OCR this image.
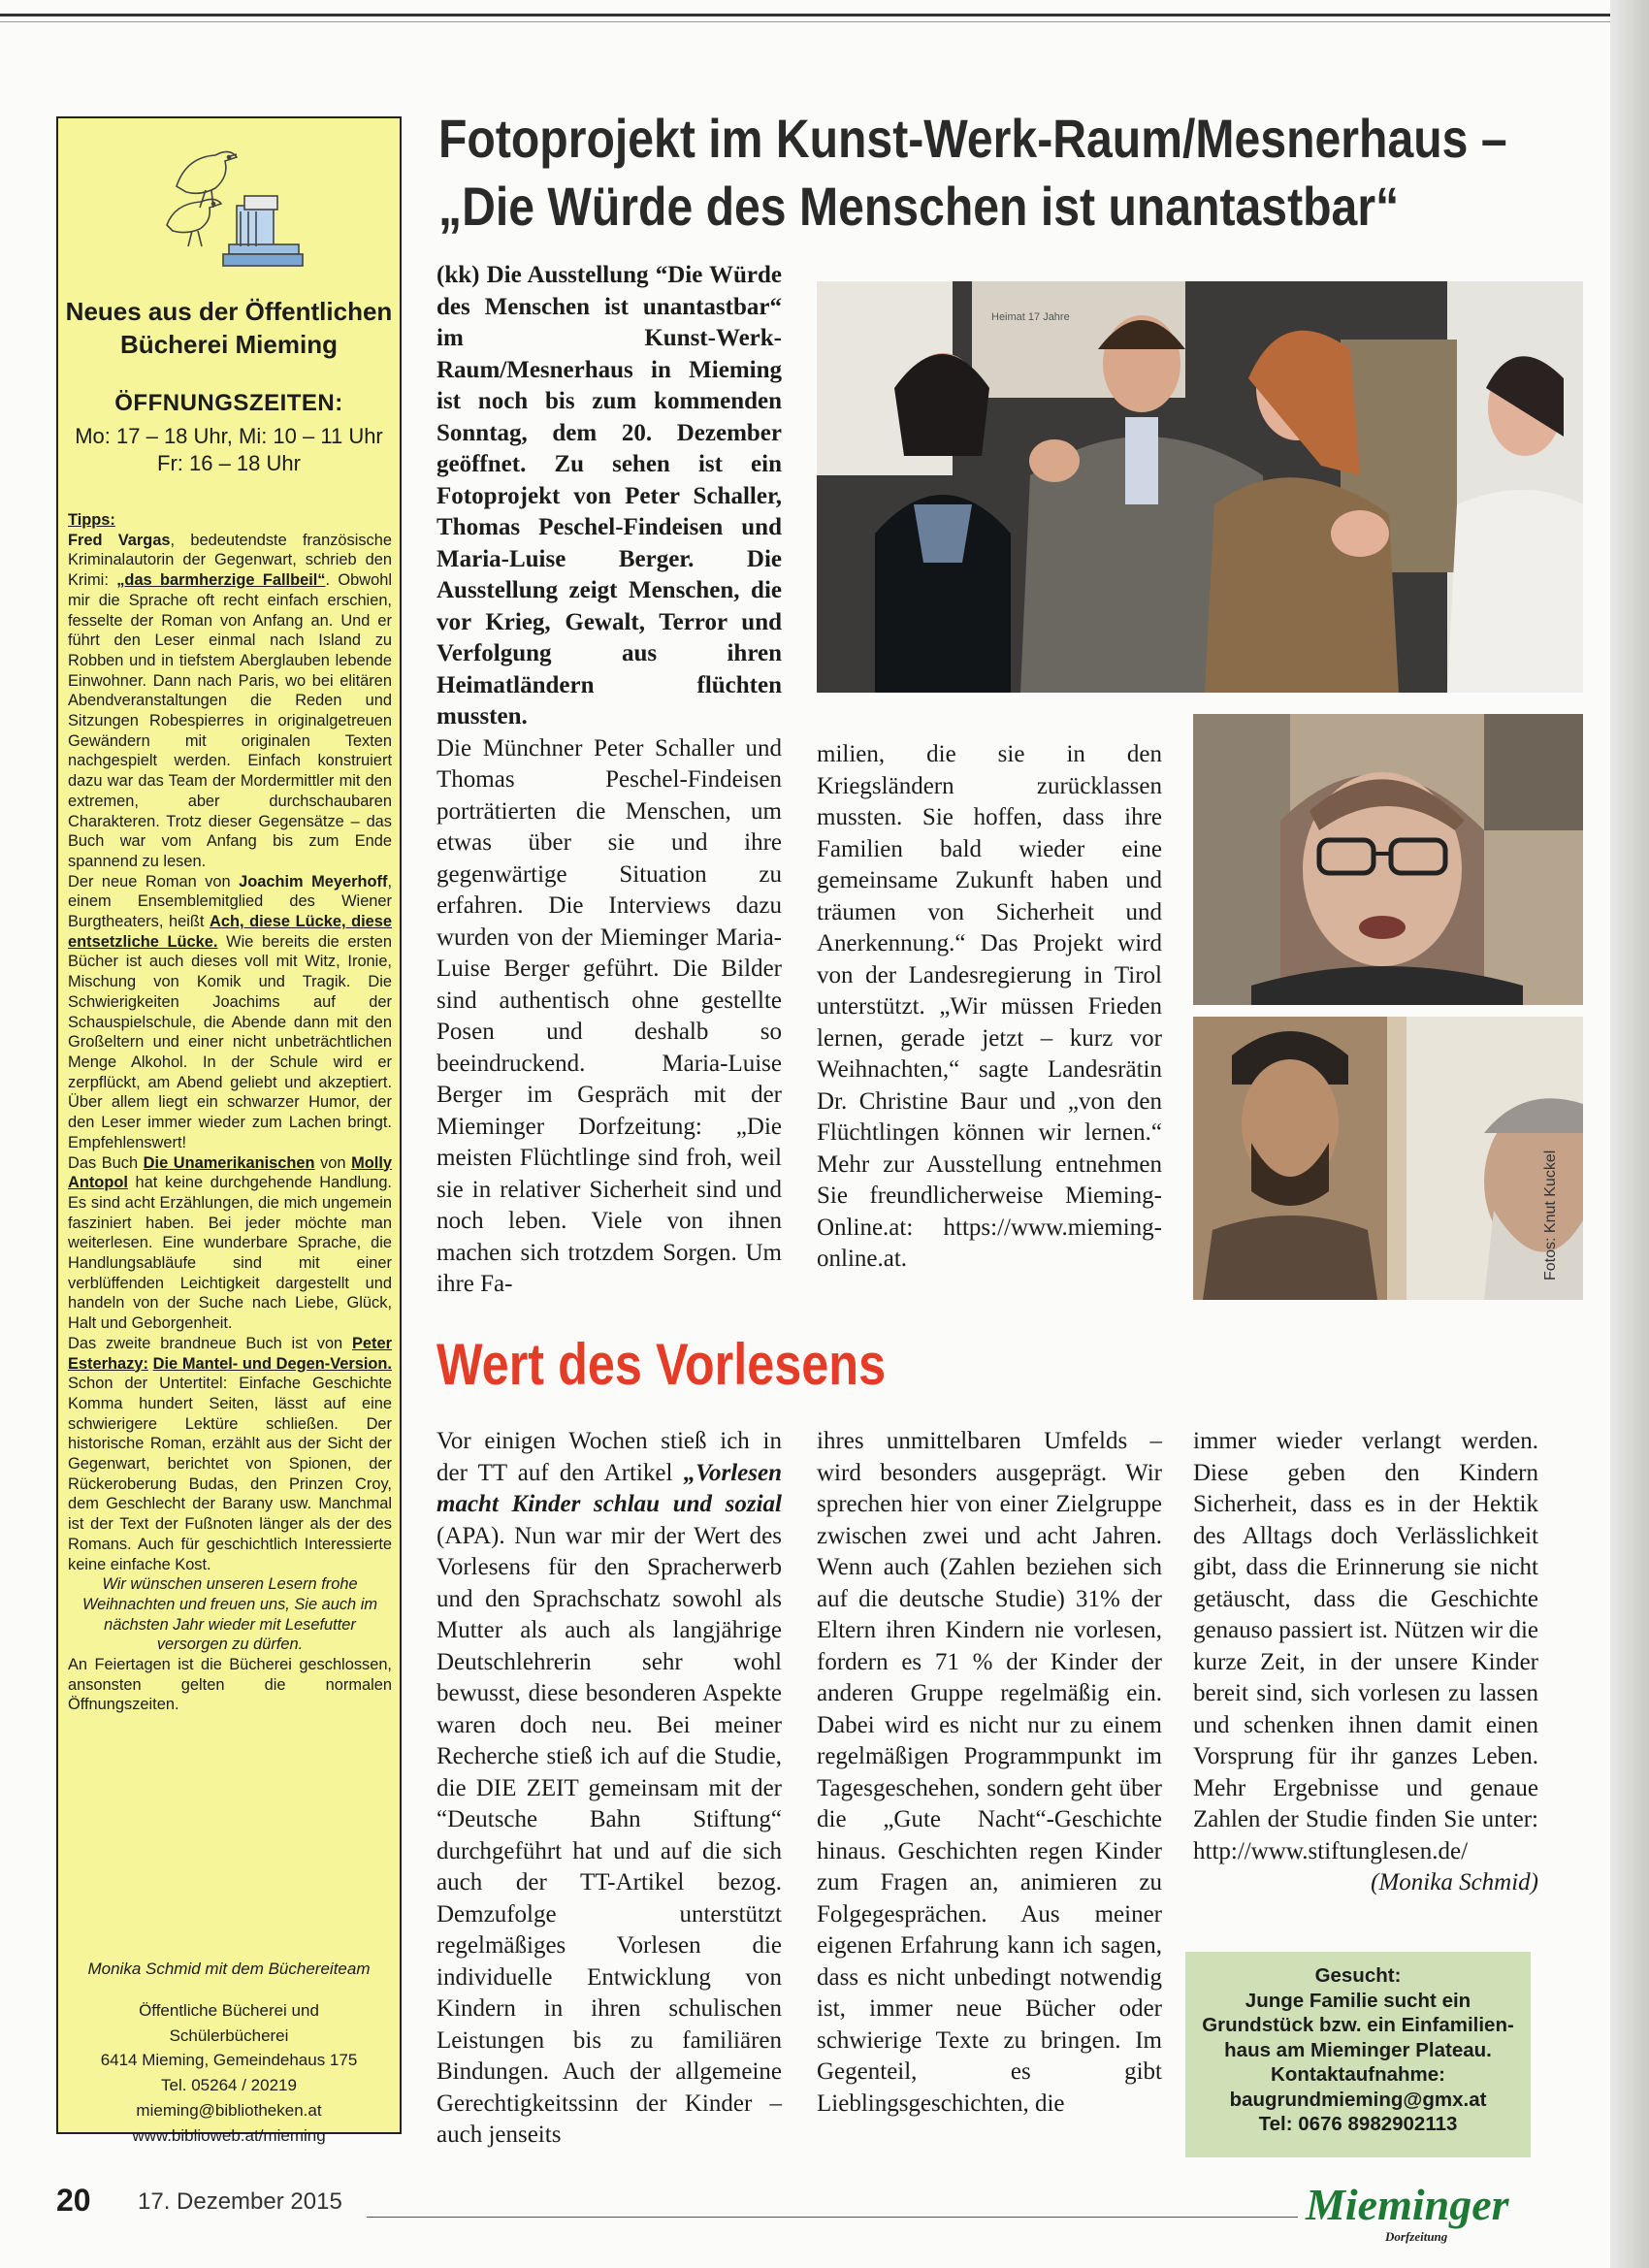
Neues aus der Öffentlichen
Bücherei Mieming
ÖFFNUNGSZEITEN:
Mo: 17 – 18 Uhr, Mi: 10 – 11 Uhr
Fr: 16 – 18 Uhr
Tipps:
Fred Vargas, bedeutendste französische Kriminalautorin der Gegenwart, schrieb den Krimi: „das barmherzige Fallbeil“. Obwohl mir die Sprache oft recht einfach erschien, fesselte der Roman von Anfang an. Und er führt den Leser einmal nach Island zu Robben und in tiefstem Aberglauben lebende Einwohner. Dann nach Paris, wo bei elitären Abendveranstaltungen die Reden und Sitzungen Robespierres in originalgetreuen Gewändern mit originalen Texten nachgespielt werden. Einfach konstruiert dazu war das Team der Mordermittler mit den extremen, aber durchschaubaren Charakteren. Trotz dieser Gegensätze – das Buch war vom Anfang bis zum Ende spannend zu lesen.
Der neue Roman von Joachim Meyerhoff, einem Ensemblemitglied des Wiener Burgtheaters, heißt Ach, diese Lücke, diese entsetzliche Lücke. Wie bereits die ersten Bücher ist auch dieses voll mit Witz, Ironie, Mischung von Komik und Tragik. Die Schwierigkeiten Joachims auf der Schauspielschule, die Abende dann mit den Großeltern und einer nicht unbeträchtlichen Menge Alkohol. In der Schule wird er zerpflückt, am Abend geliebt und akzeptiert. Über allem liegt ein schwarzer Humor, der den Leser immer wieder zum Lachen bringt. Empfehlenswert!
Das Buch Die Unamerikanischen von Molly Antopol hat keine durchgehende Handlung. Es sind acht Erzählungen, die mich ungemein fasziniert haben. Bei jeder möchte man weiterlesen. Eine wunderbare Sprache, die Handlungsabläufe sind mit einer verblüffenden Leichtigkeit dargestellt und handeln von der Suche nach Liebe, Glück, Halt und Geborgenheit.
Das zweite brandneue Buch ist von Peter Esterhazy: Die Mantel- und Degen-Version. Schon der Untertitel: Einfache Geschichte Komma hundert Seiten, lässt auf eine schwierigere Lektüre schließen. Der historische Roman, erzählt aus der Sicht der Gegenwart, berichtet von Spionen, der Rückeroberung Budas, den Prinzen Croy, dem Geschlecht der Barany usw. Manchmal ist der Text der Fußnoten länger als der des Romans. Auch für geschichtlich Interessierte keine einfache Kost.
Wir wünschen unseren Lesern frohe Weihnachten und freuen uns, Sie auch im nächsten Jahr wieder mit Lesefutter versorgen zu dürfen.
An Feiertagen ist die Bücherei geschlossen, ansonsten gelten die normalen Öffnungszeiten.
Monika Schmid mit dem Büchereiteam
Öffentliche Bücherei und
Schülerbücherei
6414 Mieming, Gemeindehaus 175
Tel. 05264 / 20219
mieming@bibliotheken.at
www.biblioweb.at/mieming
Fotoprojekt im Kunst-Werk-Raum/Mesnerhaus –
„Die Würde des Menschen ist unantastbar“
(kk) Die Ausstellung “Die Würde des Menschen ist unantastbar“ im Kunst-Werk-Raum/Mesnerhaus in Mieming ist noch bis zum kommenden Sonntag, dem 20. Dezember geöffnet. Zu sehen ist ein Fotoprojekt von Peter Schaller, Thomas Peschel-Findeisen und Maria-Luise Berger. Die Ausstellung zeigt Menschen, die vor Krieg, Gewalt, Terror und Verfolgung aus ihren Heimatländern flüchten mussten.
Die Münchner Peter Schaller und Thomas Peschel-Findeisen porträtierten die Menschen, um etwas über sie und ihre gegenwärtige Situation zu erfahren. Die Interviews dazu wurden von der Mieminger Maria-Luise Berger geführt. Die Bilder sind authentisch ohne gestellte Posen und deshalb so beeindruckend. Maria-Luise Berger im Gespräch mit der Mieminger Dorfzeitung: „Die meisten Flüchtlinge sind froh, weil sie in relativer Sicherheit sind und noch leben. Viele von ihnen machen sich trotzdem Sorgen. Um ihre Fa-
Heimat 17 Jahre
Fotos: Knut Kuckel
milien, die sie in den Kriegsländern zurücklassen mussten. Sie hoffen, dass ihre Familien bald wieder eine gemeinsame Zukunft haben und träumen von Sicherheit und Anerkennung.“ Das Projekt wird von der Landesregierung in Tirol unterstützt. „Wir müssen Frieden lernen, gerade jetzt – kurz vor Weihnachten,“ sagte Landesrätin Dr. Christine Baur und „von den Flüchtlingen können wir lernen.“ Mehr zur Ausstellung entnehmen Sie freundlicherweise Mieming-Online.at: https://www.mieming-online.at.
Wert des Vorlesens
Vor einigen Wochen stieß ich in der TT auf den Artikel „Vorlesen macht Kinder schlau und sozial (APA). Nun war mir der Wert des Vorlesens für den Spracherwerb und den Sprachschatz sowohl als Mutter als auch als langjährige Deutschlehrerin sehr wohl bewusst, diese besonderen Aspekte waren doch neu. Bei meiner Recherche stieß ich auf die Studie, die DIE ZEIT gemeinsam mit der “Deutsche Bahn Stiftung“ durchgeführt hat und auf die sich auch der TT-Artikel bezog. Demzufolge unterstützt regelmäßiges Vorlesen die individuelle Entwicklung von Kindern in ihren schulischen Leistungen bis zu familiären Bindungen. Auch der allgemeine Gerechtigkeitssinn der Kinder – auch jenseits
ihres unmittelbaren Umfelds – wird besonders ausgeprägt. Wir sprechen hier von einer Zielgruppe zwischen zwei und acht Jahren. Wenn auch (Zahlen beziehen sich auf die deutsche Studie) 31% der Eltern ihren Kindern nie vorlesen, fordern es 71 % der Kinder der anderen Gruppe regelmäßig ein. Dabei wird es nicht nur zu einem regelmäßigen Programmpunkt im Tagesgeschehen, sondern geht über die „Gute Nacht“-Geschichte hinaus. Geschichten regen Kinder zum Fragen an, animieren zu Folgegesprächen. Aus meiner eigenen Erfahrung kann ich sagen, dass es nicht unbedingt notwendig ist, immer neue Bücher oder schwierige Texte zu bringen. Im Gegenteil, es gibt Lieblingsgeschichten, die
immer wieder verlangt werden. Diese geben den Kindern Sicherheit, dass es in der Hektik des Alltags doch Verlässlichkeit gibt, dass die Erinnerung sie nicht getäuscht, dass die Geschichte genauso passiert ist. Nützen wir die kurze Zeit, in der unsere Kinder bereit sind, sich vorlesen zu lassen und schenken ihnen damit einen Vorsprung für ihr ganzes Leben. Mehr Ergebnisse und genaue Zahlen der Studie finden Sie unter: http://www.stiftunglesen.de/
(Monika Schmid)
Gesucht:
Junge Familie sucht ein
Grundstück bzw. ein Einfamilien-
haus am Mieminger Plateau.
Kontaktaufnahme:
baugrundmieming@gmx.at
Tel: 0676 8982902113
20 17. Dezember 2015	Mieminger
Dorfzeitung
